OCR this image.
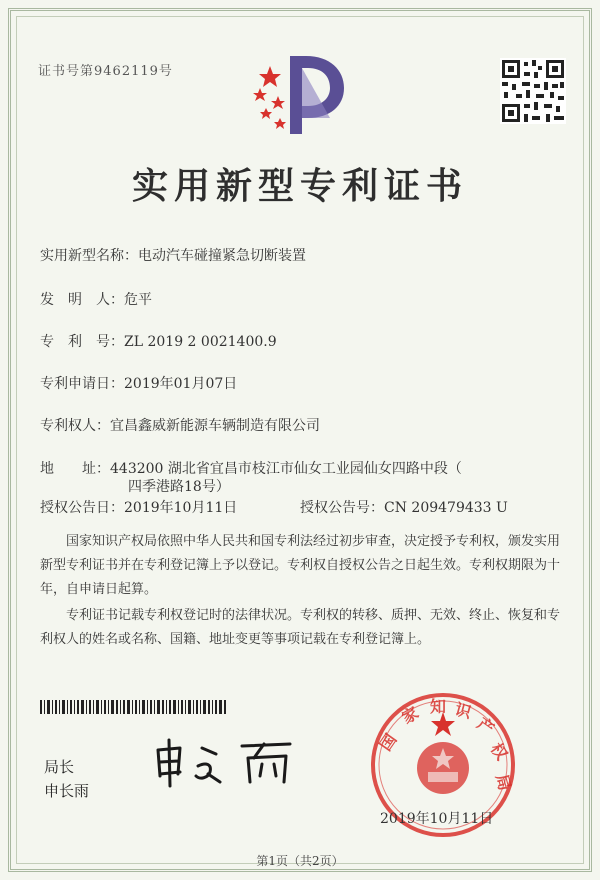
证书号第9462119号
实用新型专利证书
实用新型名称：电动汽车碰撞紧急切断装置
发　明　人：危平
专　利　号：ZL 2019 2 0021400.9
专利申请日：2019年01月07日
专利权人：宜昌鑫威新能源车辆制造有限公司
地　　址：443200 湖北省宜昌市枝江市仙女工业园仙女四路中段（
四季港路18号）
授权公告日：2019年10月11日	授权公告号：CN 209479433 U
国家知识产权局依照中华人民共和国专利法经过初步审查，决定授予专利权，颁发实用新型专利证书并在专利登记簿上予以登记。专利权自授权公告之日起生效。专利权期限为十年，自申请日起算。
专利证书记载专利权登记时的法律状况。专利权的转移、质押、无效、终止、恢复和专利权人的姓名或名称、国籍、地址变更等事项记载在专利登记簿上。
局长
申长雨
国
家 知 识
产
权
局
2019年10月11日
第1页（共2页）
